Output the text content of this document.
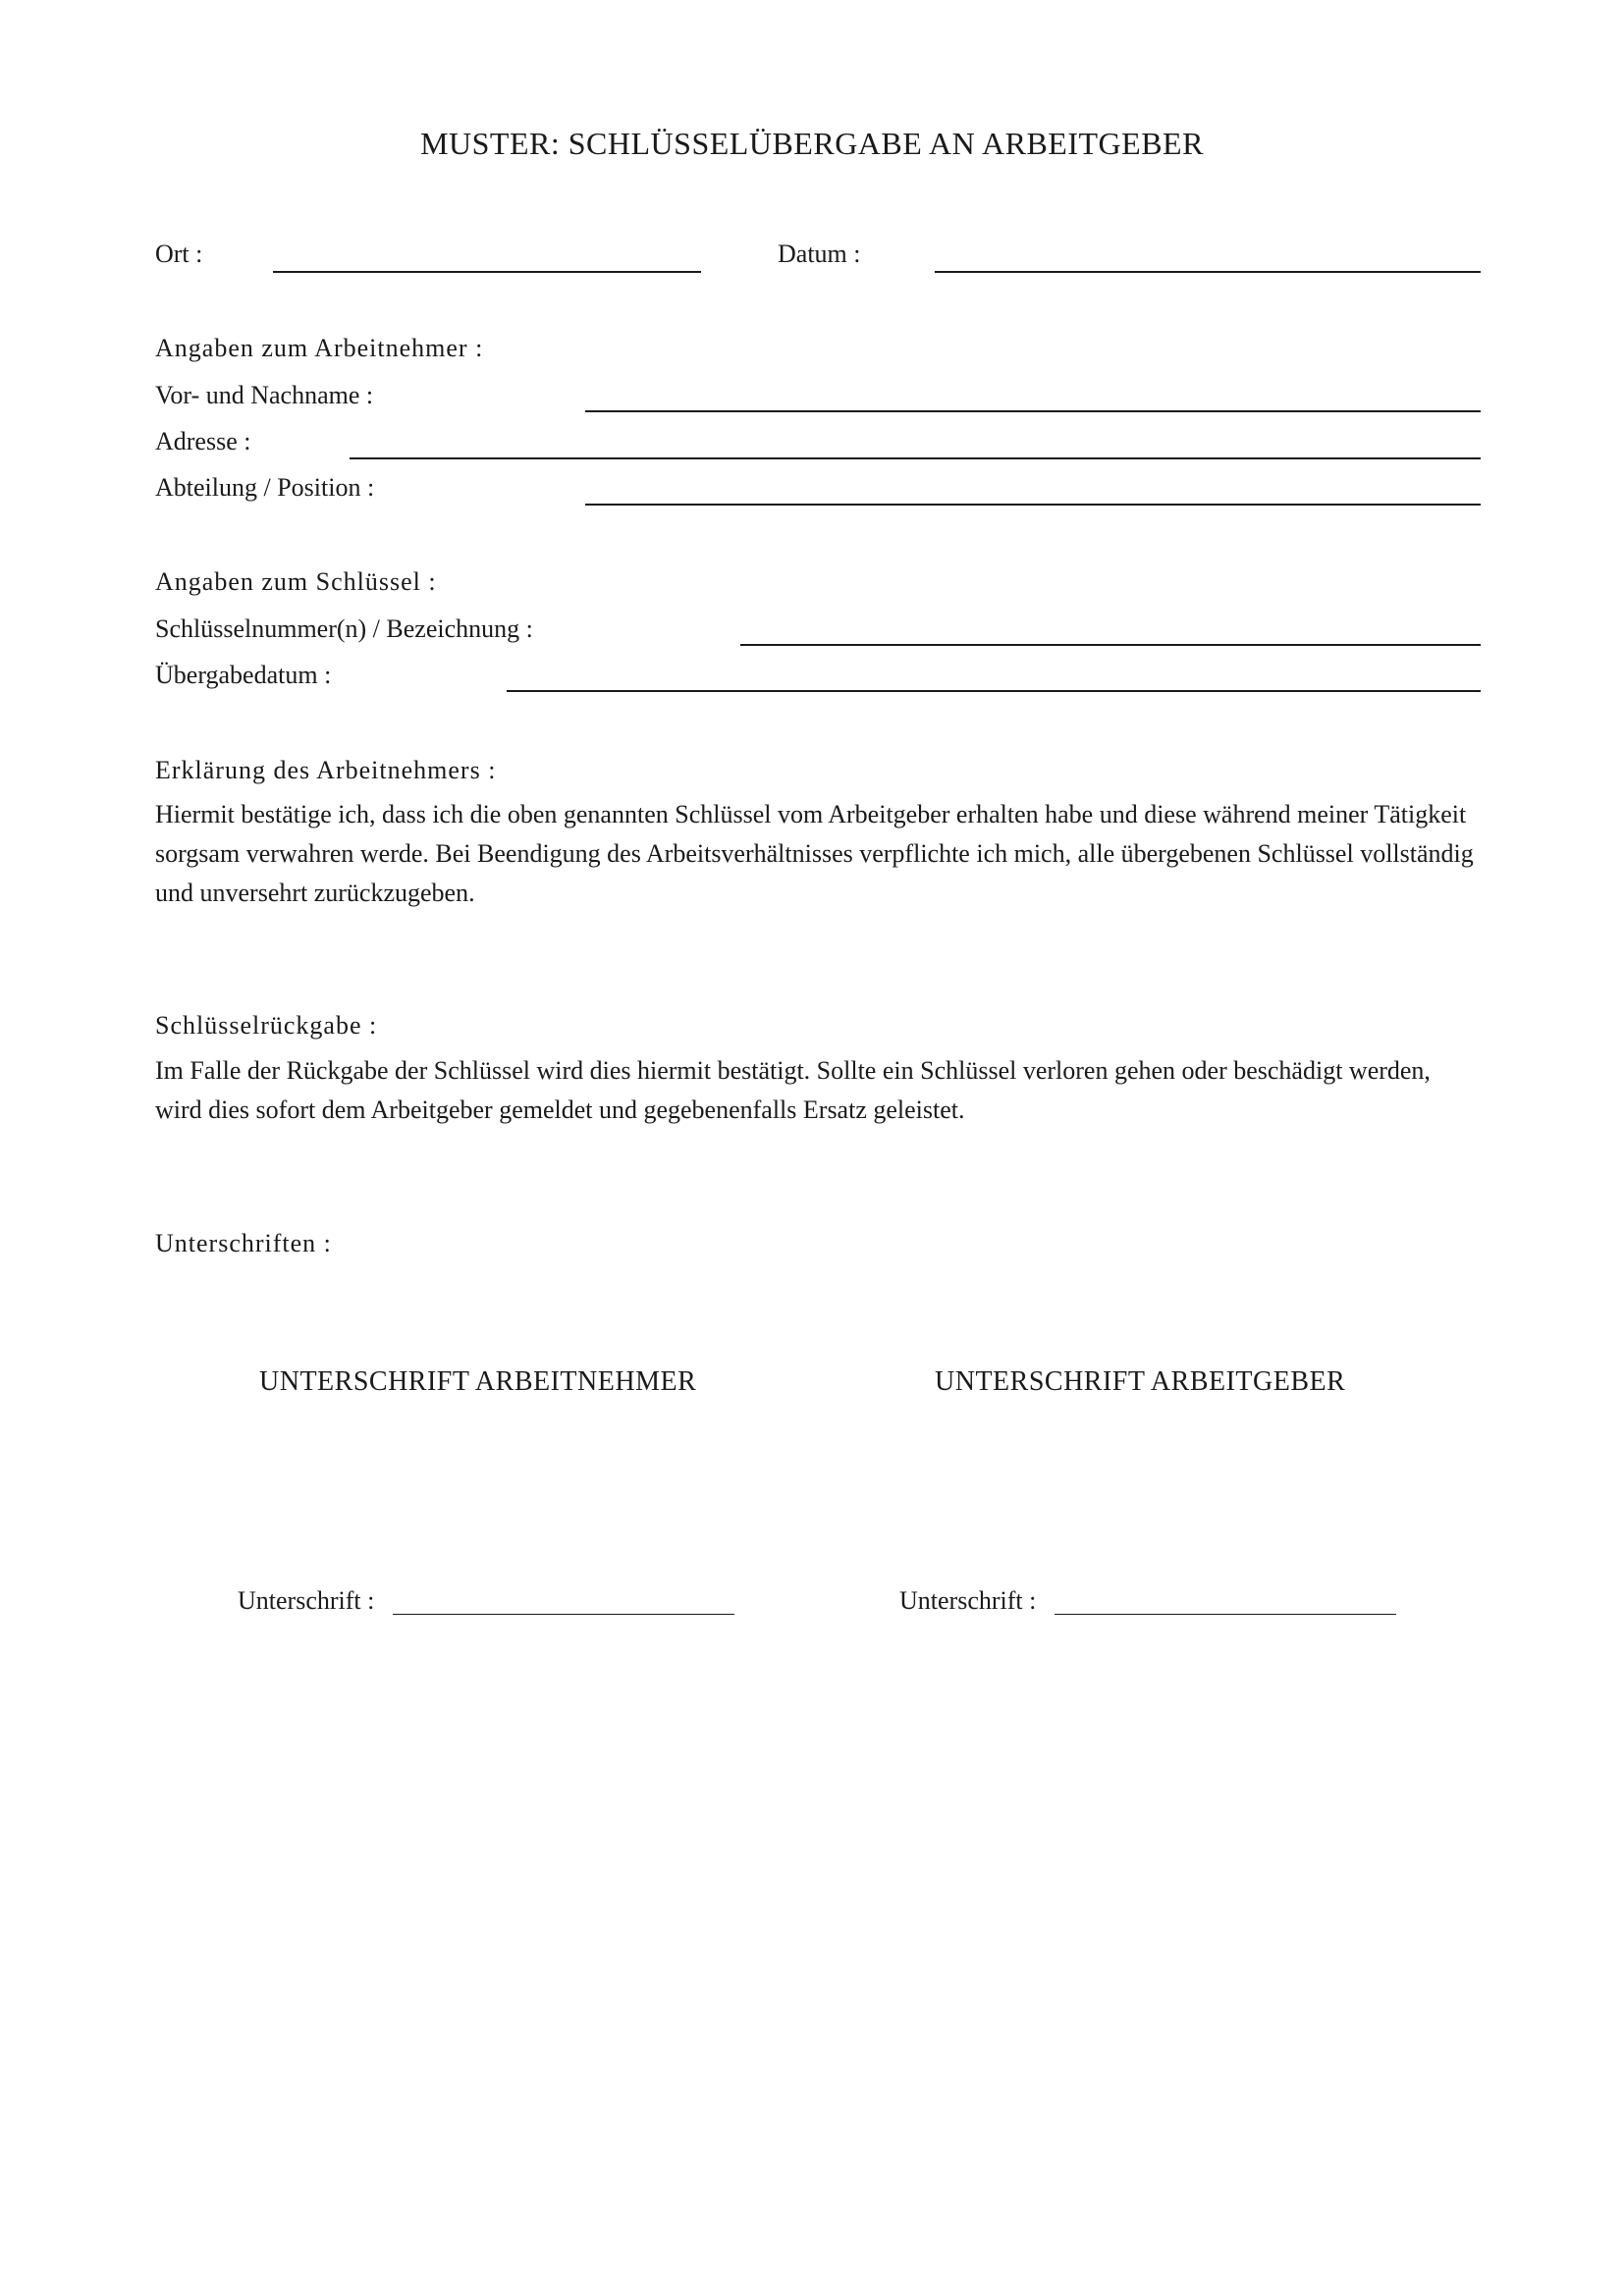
MUSTER: SCHLÜSSELÜBERGABE AN ARBEITGEBER
Ort :	Datum :
Angaben zum Arbeitnehmer :
Vor- und Nachname :
Adresse :
Abteilung / Position :
Angaben zum Schlüssel :
Schlüsselnummer(n) / Bezeichnung :
Übergabedatum :
Erklärung des Arbeitnehmers :
Hiermit bestätige ich, dass ich die oben genannten Schlüssel vom Arbeitgeber erhalten habe und diese während meiner Tätigkeit sorgsam verwahren werde. Bei Beendigung des Arbeitsverhältnisses verpflichte ich mich, alle übergebenen Schlüssel vollständig und unversehrt zurückzugeben.
Schlüsselrückgabe :
Im Falle der Rückgabe der Schlüssel wird dies hiermit bestätigt. Sollte ein Schlüssel verloren gehen oder beschädigt werden, wird dies sofort dem Arbeitgeber gemeldet und gegebenenfalls Ersatz geleistet.
Unterschriften :
UNTERSCHRIFT ARBEITNEHMER	UNTERSCHRIFT ARBEITGEBER
Unterschrift :	Unterschrift :
